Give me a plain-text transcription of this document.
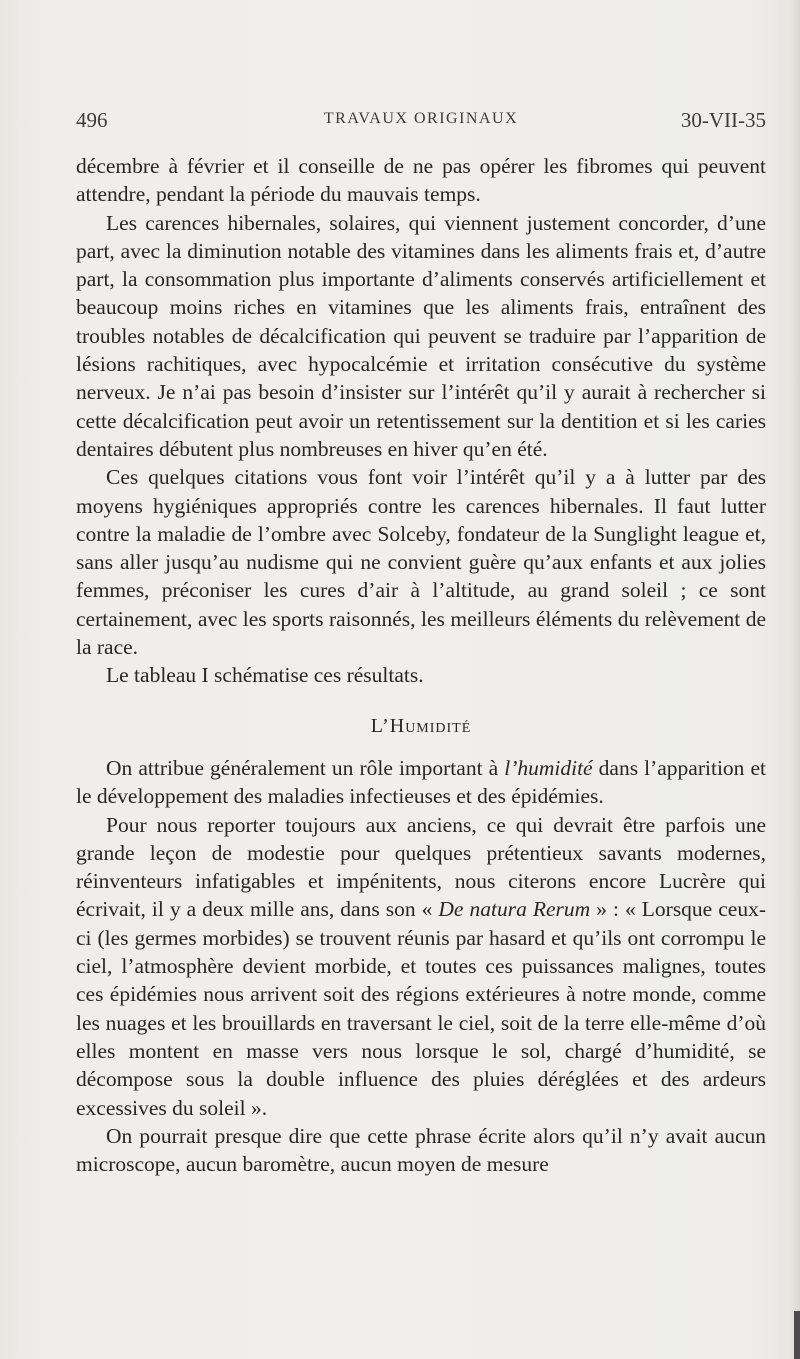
496	TRAVAUX ORIGINAUX	30-VII-35

décembre à février et il conseille de ne pas opérer les fibromes qui peuvent attendre, pendant la période du mauvais temps.

Les carences hibernales, solaires, qui viennent justement concorder, d’une part, avec la diminution notable des vitamines dans les aliments frais et, d’autre part, la consommation plus importante d’aliments conservés artificiellement et beaucoup moins riches en vitamines que les aliments frais, entraînent des troubles notables de décalcification qui peuvent se traduire par l’apparition de lésions rachitiques, avec hypocalcémie et irritation consécutive du système nerveux. Je n’ai pas besoin d’insister sur l’intérêt qu’il y aurait à rechercher si cette décalcification peut avoir un retentissement sur la dentition et si les caries dentaires débutent plus nombreuses en hiver qu’en été.

Ces quelques citations vous font voir l’intérêt qu’il y a à lutter par des moyens hygiéniques appropriés contre les carences hibernales. Il faut lutter contre la maladie de l’ombre avec Solceby, fondateur de la Sunglight league et, sans aller jusqu’au nudisme qui ne convient guère qu’aux enfants et aux jolies femmes, préconiser les cures d’air à l’altitude, au grand soleil ; ce sont certainement, avec les sports raisonnés, les meilleurs éléments du relèvement de la race.

Le tableau I schématise ces résultats.

L’Humidité

On attribue généralement un rôle important à l’humidité dans l’apparition et le développement des maladies infectieuses et des épidémies.

Pour nous reporter toujours aux anciens, ce qui devrait être parfois une grande leçon de modestie pour quelques prétentieux savants modernes, réinventeurs infatigables et impénitents, nous citerons encore Lucrère qui écrivait, il y a deux mille ans, dans son « De natura Rerum » : « Lorsque ceux-ci (les germes morbides) se trouvent réunis par hasard et qu’ils ont corrompu le ciel, l’atmosphère devient morbide, et toutes ces puissances malignes, toutes ces épidémies nous arrivent soit des régions extérieures à notre monde, comme les nuages et les brouillards en traversant le ciel, soit de la terre elle-même d’où elles montent en masse vers nous lorsque le sol, chargé d’humidité, se décompose sous la double influence des pluies déréglées et des ardeurs excessives du soleil ».

On pourrait presque dire que cette phrase écrite alors qu’il n’y avait aucun microscope, aucun baromètre, aucun moyen de mesure
